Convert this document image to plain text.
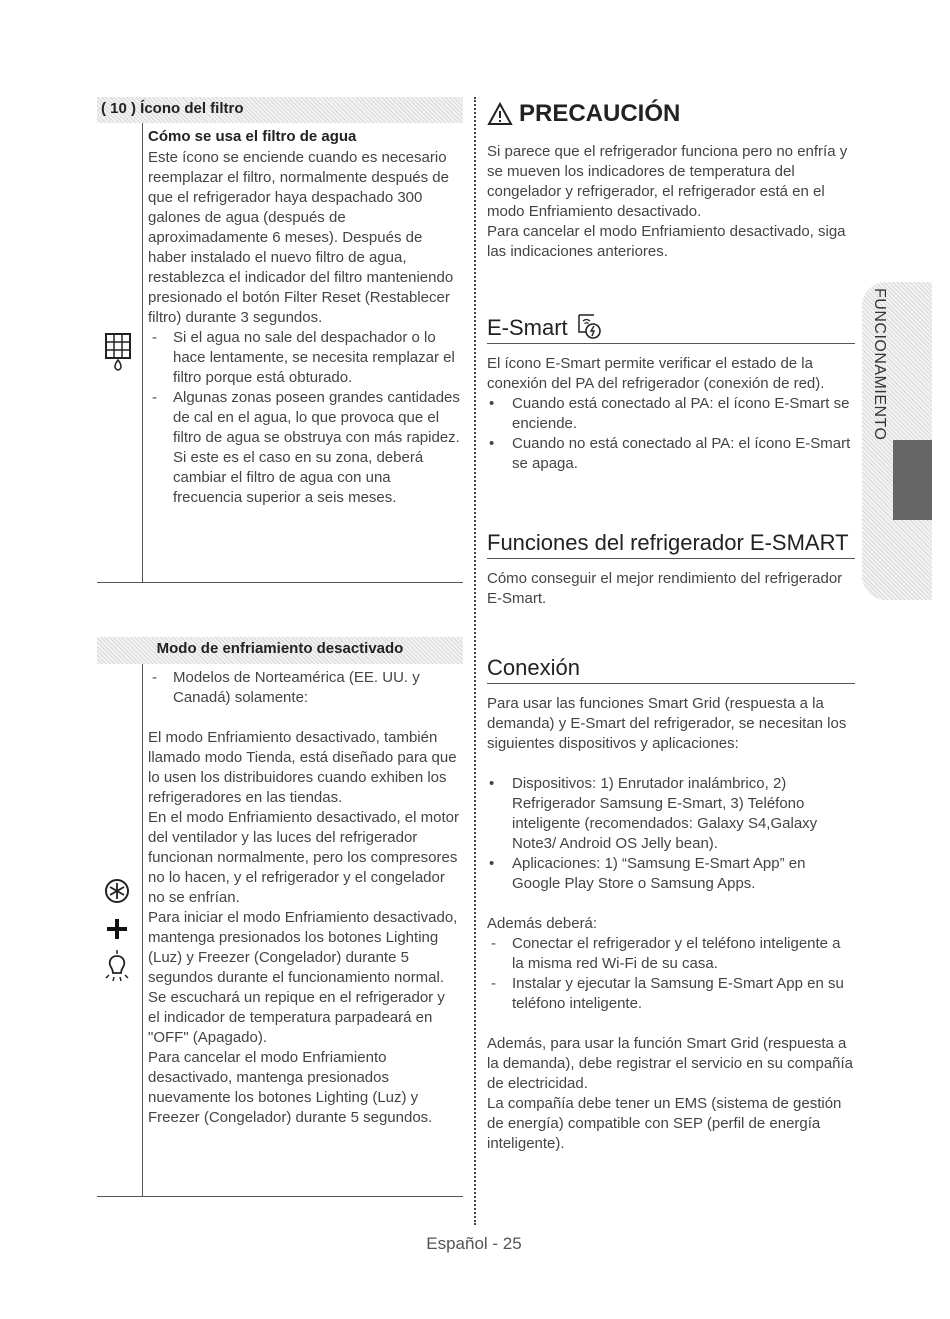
( 10 ) Ícono del filtro
Cómo se usa el filtro de agua

Este ícono se enciende cuando es necesario reemplazar el filtro, normalmente después de que el refrigerador haya despachado 300 galones de agua (después de aproximadamente 6 meses). Después de haber instalado el nuevo filtro de agua, restablezca el indicador del filtro manteniendo presionado el botón Filter Reset (Restablecer filtro) durante 3 segundos.

- Si el agua no sale del despachador o lo hace lentamente, se necesita remplazar el filtro porque está obturado.
- Algunas zonas poseen grandes cantidades de cal en el agua, lo que provoca que el filtro de agua se obstruya con más rapidez.
Si este es el caso en su zona, deberá cambiar el filtro de agua con una frecuencia superior a seis meses.
Modo de enfriamiento desactivado
- Modelos de Norteamérica (EE. UU. y Canadá) solamente:

El modo Enfriamiento desactivado, también llamado modo Tienda, está diseñado para que lo usen los distribuidores cuando exhiben los refrigeradores en las tiendas.
En el modo Enfriamiento desactivado, el motor del ventilador y las luces del refrigerador funcionan normalmente, pero los compresores no lo hacen, y el refrigerador y el congelador no se enfrían.
Para iniciar el modo Enfriamiento desactivado, mantenga presionados los botones Lighting (Luz) y Freezer (Congelador) durante 5 segundos durante el funcionamiento normal.
Se escuchará un repique en el refrigerador y el indicador de temperatura parpadeará en "OFF" (Apagado).
Para cancelar el modo Enfriamiento desactivado, mantenga presionados nuevamente los botones Lighting (Luz) y Freezer (Congelador) durante 5 segundos.

PRECAUCIÓN

Si parece que el refrigerador funciona pero no enfría y se mueven los indicadores de temperatura del congelador y refrigerador, el refrigerador está en el modo Enfriamiento desactivado.
Para cancelar el modo Enfriamiento desactivado, siga las indicaciones anteriores.

E-Smart

El ícono E-Smart permite verificar el estado de la conexión del PA del refrigerador (conexión de red).

• Cuando está conectado al PA: el ícono E-Smart se enciende.
• Cuando no está conectado al PA: el ícono E-Smart se apaga.
Funciones del refrigerador E-SMART

Cómo conseguir el mejor rendimiento del refrigerador E-Smart.

Conexión

Para usar las funciones Smart Grid (respuesta a la demanda) y E-Smart del refrigerador, se necesitan los siguientes dispositivos y aplicaciones:

• Dispositivos: 1) Enrutador inalámbrico, 2) Refrigerador Samsung E-Smart, 3) Teléfono inteligente (recomendados: Galaxy S4,Galaxy Note3/ Android OS Jelly bean).
• Aplicaciones: 1) “Samsung E-Smart App” en Google Play Store o Samsung Apps.

Además deberá:

- Conectar el refrigerador y el teléfono inteligente a la misma red Wi-Fi de su casa.
- Instalar y ejecutar la Samsung E-Smart App en su teléfono inteligente.

Además, para usar la función Smart Grid (respuesta a la demanda), debe registrar el servicio en su compañía de electricidad.
La compañía debe tener un EMS (sistema de gestión de energía) compatible con SEP (perfil de energía inteligente).

FUNCIONAMIENTO
Español - 25
